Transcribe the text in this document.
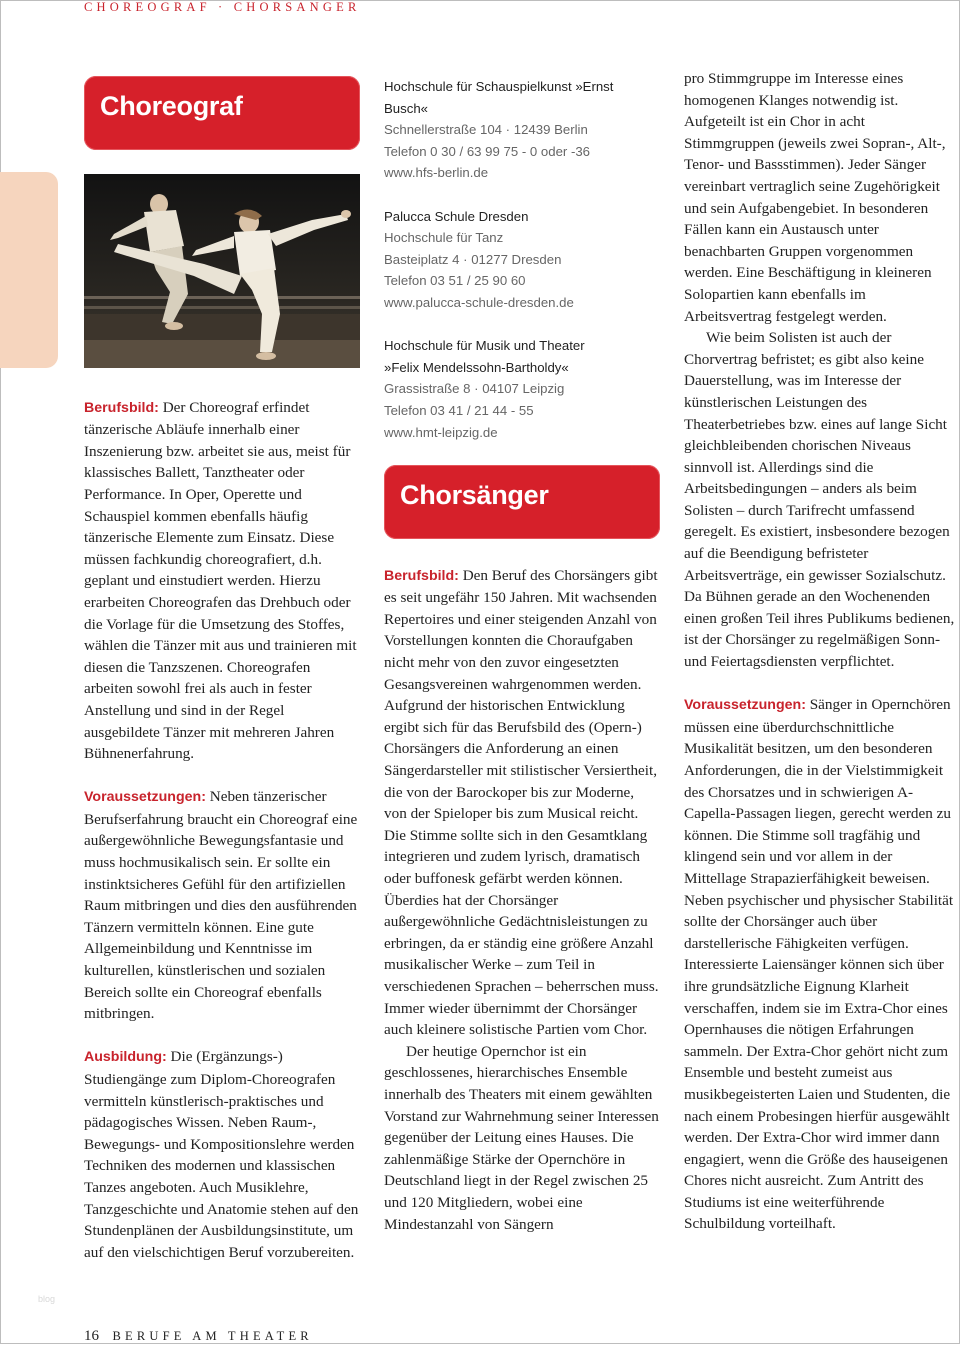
CHOREOGRAF · CHORSANGER
Choreograf

Berufsbild: Der Choreograf erfindet tänzerische Abläufe innerhalb einer Inszenierung bzw. arbeitet sie aus, meist für klassisches Ballett, Tanztheater oder Performance. In Oper, Operette und Schauspiel kommen ebenfalls häufig tänzerische Elemente zum Einsatz. Diese müssen fachkundig choreografiert, d.h. geplant und einstudiert werden. Hierzu erarbeiten Choreografen das Drehbuch oder die Vorlage für die Umsetzung des Stoffes, wählen die Tänzer mit aus und trainieren mit diesen die Tanzszenen. Choreografen arbeiten sowohl frei als auch in fester Anstellung und sind in der Regel ausgebildete Tänzer mit mehreren Jahren Bühnenerfahrung.

Voraussetzungen: Neben tänzerischer Berufserfahrung braucht ein Choreograf eine außergewöhnliche Bewegungsfantasie und muss hochmusikalisch sein. Er sollte ein instinktsicheres Gefühl für den artifiziellen Raum mitbringen und dies den ausführenden Tänzern vermitteln können. Eine gute Allgemeinbildung und Kenntnisse im kulturellen, künstlerischen und sozialen Bereich sollte ein Choreograf ebenfalls mitbringen.

Ausbildung: Die (Ergänzungs-) Studiengänge zum Diplom-Choreografen vermitteln künstlerisch-praktisches und pädagogisches Wissen. Neben Raum-, Bewegungs- und Kompositionslehre werden Techniken des modernen und klassischen Tanzes angeboten. Auch Musiklehre, Tanzgeschichte und Anatomie stehen auf den Stundenplänen der Ausbildungsinstitute, um auf den vielschichtigen Beruf vorzubereiten.

Hochschule für Schauspielkunst »Ernst Busch«
Schnellerstraße 104 · 12439 Berlin
Telefon 0 30 / 63 99 75 - 0 oder -36
www.hfs-berlin.de
Palucca Schule Dresden
Hochschule für Tanz
Basteiplatz 4 · 01277 Dresden
Telefon 03 51 / 25 90 60
www.palucca-schule-dresden.de
Hochschule für Musik und Theater
»Felix Mendelssohn-Bartholdy«
Grassistraße 8 · 04107 Leipzig
Telefon 03 41 / 21 44 - 55
www.hmt-leipzig.de
Chorsänger

Berufsbild: Den Beruf des Chorsängers gibt es seit ungefähr 150 Jahren. Mit wachsenden Repertoires und einer steigenden Anzahl von Vorstellungen konnten die Choraufgaben nicht mehr von den zuvor eingesetzten Gesangsvereinen wahrgenommen werden. Aufgrund der historischen Entwicklung ergibt sich für das Berufsbild des (Opern-) Chorsängers die Anforderung an einen Sängerdarsteller mit stilistischer Versiertheit, die von der Barockoper bis zur Moderne, von der Spieloper bis zum Musical reicht. Die Stimme sollte sich in den Gesamtklang integrieren und zudem lyrisch, dramatisch oder buffonesk gefärbt werden können. Überdies hat der Chorsänger außergewöhnliche Gedächtnisleistungen zu erbringen, da er ständig eine größere Anzahl musikalischer Werke – zum Teil in verschiedenen Sprachen – beherrschen muss. Immer wieder übernimmt der Chorsänger auch kleinere solistische Partien vom Chor.

Der heutige Opernchor ist ein geschlossenes, hierarchisches Ensemble innerhalb des Theaters mit einem gewählten Vorstand zur Wahrnehmung seiner Interessen gegenüber der Leitung eines Hauses. Die zahlenmäßige Stärke der Opernchöre in Deutschland liegt in der Regel zwischen 25 und 120 Mitgliedern, wobei eine Mindestanzahl von Sängern

pro Stimmgruppe im Interesse eines homogenen Klanges notwendig ist. Aufgeteilt ist ein Chor in acht Stimmgruppen (jeweils zwei Sopran-, Alt-, Tenor- und Bassstimmen). Jeder Sänger vereinbart vertraglich seine Zugehörigkeit und sein Aufgabengebiet. In besonderen Fällen kann ein Austausch unter benachbarten Gruppen vorgenommen werden. Eine Beschäftigung in kleineren Solopartien kann ebenfalls im Arbeitsvertrag festgelegt werden.

Wie beim Solisten ist auch der Chorvertrag befristet; es gibt also keine Dauerstellung, was im Interesse der künstlerischen Leistungen des Theaterbetriebes bzw. eines auf lange Sicht gleichbleibenden chorischen Niveaus sinnvoll ist. Allerdings sind die Arbeitsbedingungen – anders als beim Solisten – durch Tarifrecht umfassend geregelt. Es existiert, insbesondere bezogen auf die Beendigung befristeter Arbeitsverträge, ein gewisser Sozialschutz. Da Bühnen gerade an den Wochenenden einen großen Teil ihres Publikums bedienen, ist der Chorsänger zu regelmäßigen Sonn- und Feiertagsdiensten verpflichtet.

Voraussetzungen: Sänger in Opernchören müssen eine überdurchschnittliche Musikalität besitzen, um den besonderen Anforderungen, die in der Vielstimmigkeit des Chorsatzes und in schwierigen A-Capella-Passagen liegen, gerecht werden zu können. Die Stimme soll tragfähig und klingend sein und vor allem in der Mittellage Strapazierfähigkeit beweisen. Neben psychischer und physischer Stabilität sollte der Chorsänger auch über darstellerische Fähigkeiten verfügen. Interessierte Laiensänger können sich über ihre grundsätzliche Eignung Klarheit verschaffen, indem sie im Extra-Chor eines Opernhauses die nötigen Erfahrungen sammeln. Der Extra-Chor gehört nicht zum Ensemble und besteht zumeist aus musikbegeisterten Laien und Studenten, die nach einem Probesingen hierfür ausgewählt werden. Der Extra-Chor wird immer dann engagiert, wenn die Größe des hauseigenen Chores nicht ausreicht. Zum Antritt des Studiums ist eine weiterführende Schulbildung vorteilhaft.

blog
16 BERUFE AM THEATER
